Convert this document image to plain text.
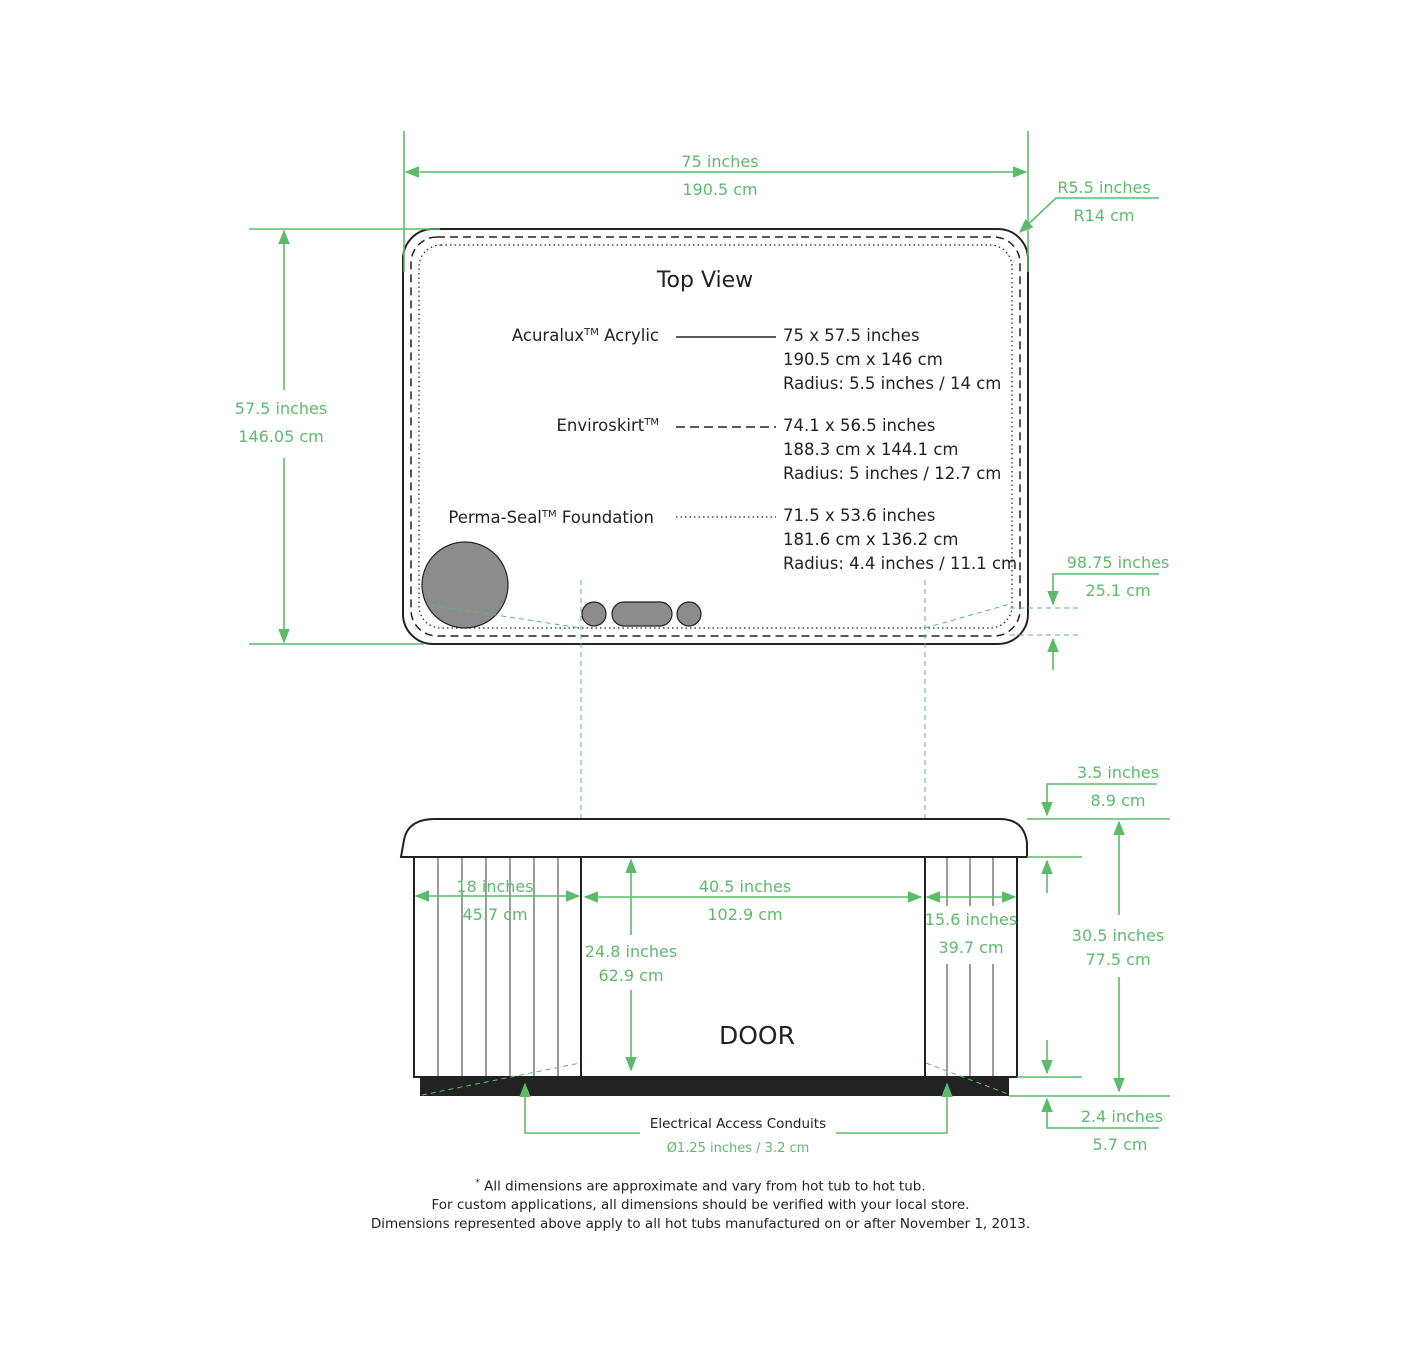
Top View
Acuralux™ Acrylic	75 x 57.5 inches
190.5 cm x 146 cm
Radius: 5.5 inches / 14 cm
Enviroskirt™	74.1 x 56.5 inches
188.3 cm x 144.1 cm
Radius: 5 inches / 12.7 cm
Perma-Seal™ Foundation	71.5 x 53.6 inches
181.6 cm x 136.2 cm
Radius: 4.4 inches / 11.1 cm
75 inches
190.5 cm	R5.5 inches
R14 cm
57.5 inches
146.05 cm
98.75 inches
25.1 cm
DOOR
18 inches
45.7 cm
40.5 inches
102.9 cm
24.8 inches
62.9 cm
15.6 inches
39.7 cm
3.5 inches
8.9 cm
30.5 inches
77.5 cm
2.4 inches
5.7 cm
Electrical Access Conduits
Ø1.25 inches / 3.2 cm
* All dimensions are approximate and vary from hot tub to hot tub.
For custom applications, all dimensions should be verified with your local store.
Dimensions represented above apply to all hot tubs manufactured on or after November 1, 2013.
